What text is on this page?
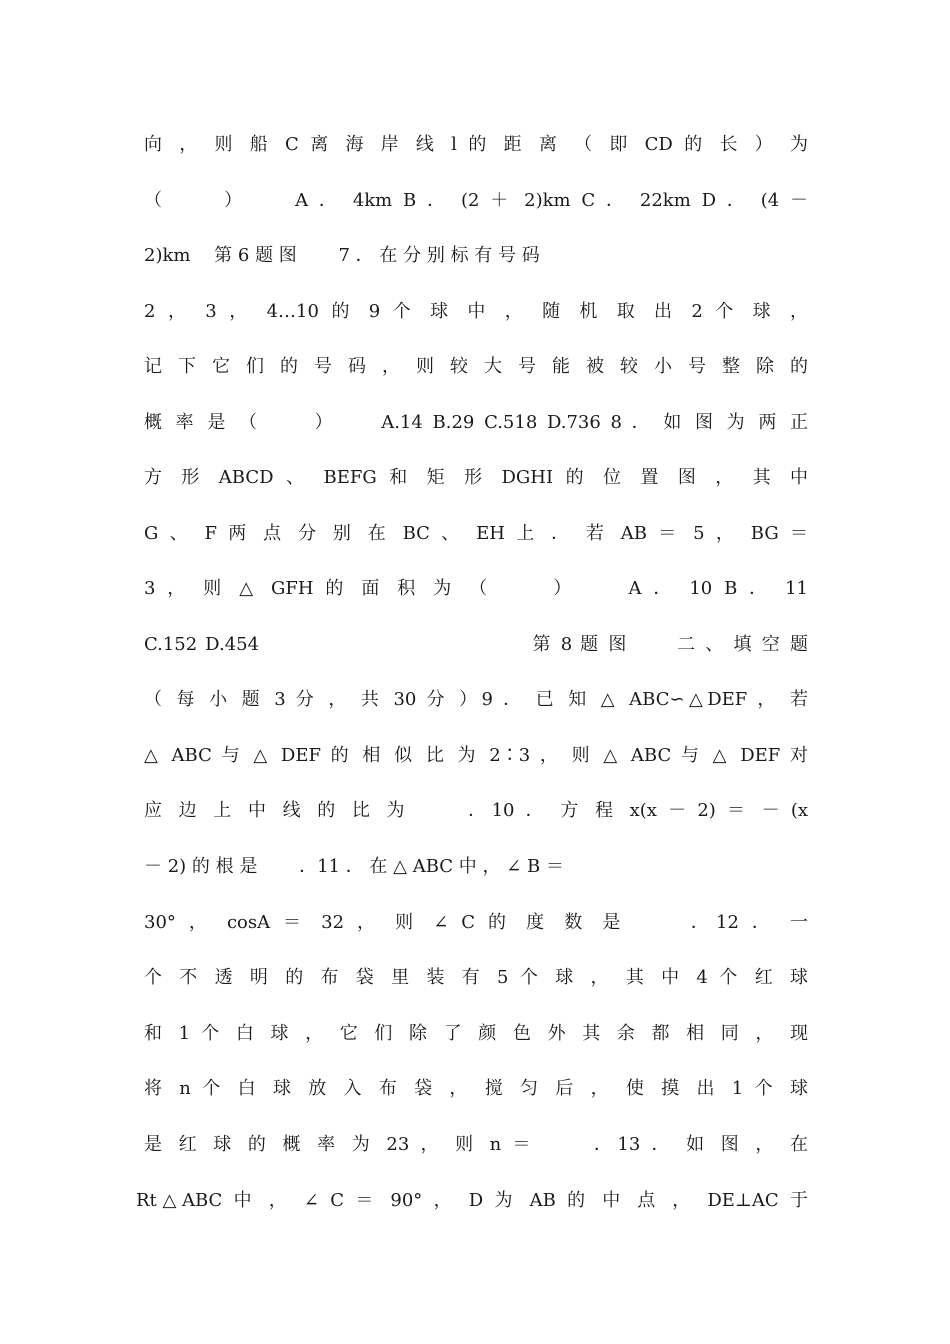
向 ， 则 船 C 离 海 岸 线 l 的 距 离 （ 即 CD 的 长 ） 为
（　　 ）　　 A ． 4km B ． (2 ＋ 2)km C ． 22km D ． (4 －
2)km　 第 6 题 图　　 7 ． 在 分 别 标 有 号 码
2 ， 3 ， 4…10 的 9 个 球 中 ， 随 机 取 出 2 个 球 ，
记 下 它 们 的 号 码 ， 则 较 大 号 能 被 较 小 号 整 除 的
概 率 是 （　　 ）　　 A.14 B.29 C.518 D.736 8 ． 如 图 为 两 正
方 形 ABCD 、 BEFG 和 矩 形 DGHI 的 位 置 图 ， 其 中
G 、 F 两 点 分 别 在 BC 、 EH 上 ． 若 AB ＝ 5 ， BG ＝
3 ， 则 △ GFH 的 面 积 为 （　　 ）　　 A ． 10 B ． 11
C.152 D.454　　　　　　　　　　　　　 第 8 题 图　　 二 、 填 空 题
（ 每 小 题 3 分 ， 共 30 分 ）9 ． 已 知 △ ABC∽△DEF ， 若
△ ABC 与 △ DEF 的 相 似 比 为 2∶3 ， 则 △ ABC 与 △ DEF 对
应 边 上 中 线 的 比 为　　 ．10 ． 方 程 x(x － 2) ＝ － (x
－ 2) 的 根 是　　 ．11 ． 在 △ ABC 中 ， ∠ B ＝
30° ， cosA ＝ 32 ， 则 ∠ C 的 度 数 是　　 ．12 ． 一
个 不 透 明 的 布 袋 里 装 有 5 个 球 ， 其 中 4 个 红 球
和 1 个 白 球 ， 它 们 除 了 颜 色 外 其 余 都 相 同 ， 现
将 n 个 白 球 放 入 布 袋 ， 搅 匀 后 ， 使 摸 出 1 个 球
是 红 球 的 概 率 为 23 ， 则 n ＝　　 ．13 ． 如 图 ， 在
Rt△ABC 中 ， ∠ C ＝ 90° ， D 为 AB 的 中 点 ， DE⊥AC 于
